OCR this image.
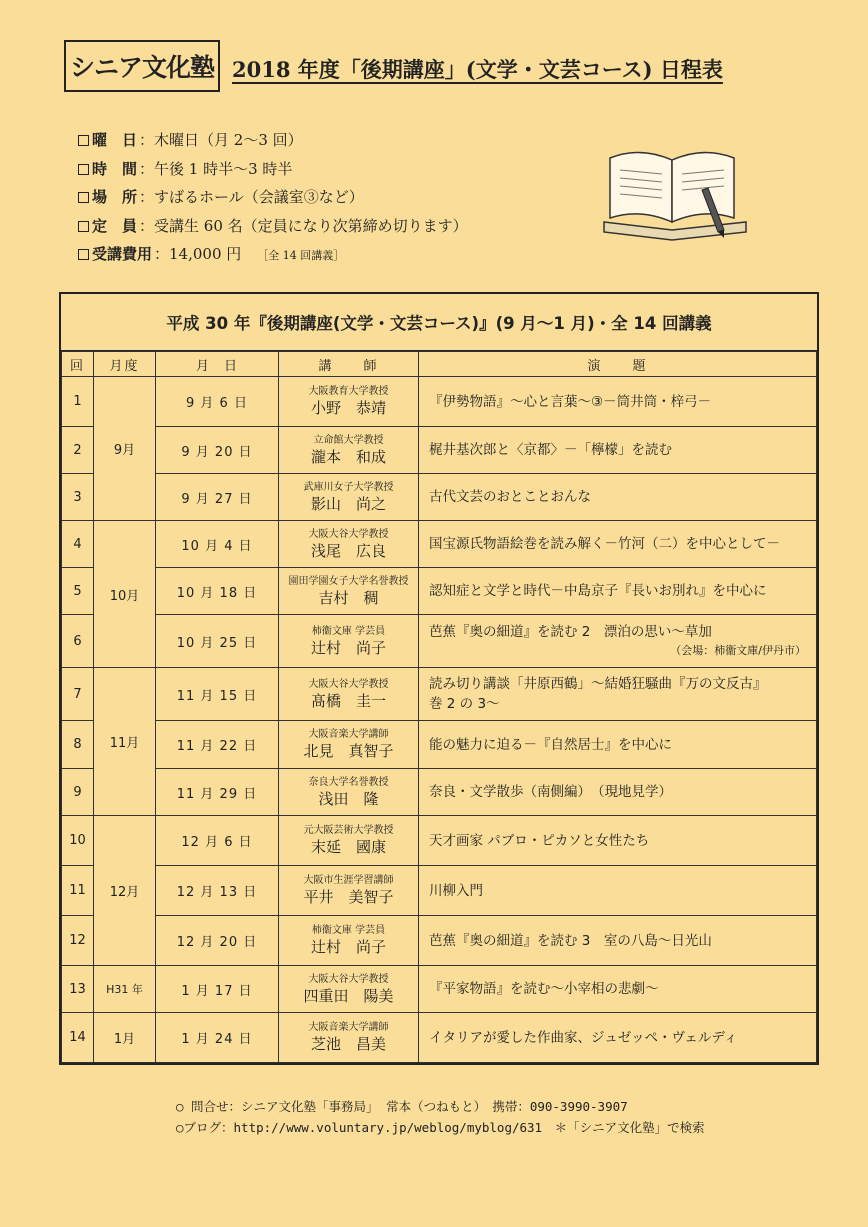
シニア文化塾 2018 年度「後期講座」(文学・文芸コース) 日程表
曜　日 ：木曜日（月 2～3 回）
時　間 ：午後 1 時半～3 時半
場　所 ：すばるホール（会議室③など）
定　員 ：受講生 60 名（定員になり次第締め切ります）
受講費用 ：14,000 円 ［全 14 回講義］
平成 30 年『後期講座(文学・文芸コース)』(9 月～1 月)・全 14 回講義
回	月度	月　日	講　　師	演　　題
1	9月	9 月 6 日	大阪教育大学教授
小野　恭靖	『伊勢物語』～心と言葉～③－筒井筒・梓弓－

2		9 月 20 日	立命館大学教授
瀧本　和成	梶井基次郎と〈京都〉－「檸檬」を読む

3		9 月 27 日	武庫川女子大学教授
影山　尚之	古代文芸のおとことおんな

4	10月	10 月 4 日	大阪大谷大学教授
浅尾　広良	国宝源氏物語絵巻を読み解く－竹河（二）を中心として－

5		10 月 18 日	園田学園女子大学名誉教授
吉村　稠	認知症と文学と時代－中島京子『長いお別れ』を中心に

6		10 月 25 日	柿衞文庫 学芸員
辻村　尚子	芭蕉『奥の細道』を読む 2　漂泊の思い～草加
（会場：柿衞文庫/伊丹市）

7	11月	11 月 15 日	大阪大谷大学教授
髙橋　圭一	読み切り講談「井原西鶴」～結婚狂騒曲『万の文反古』
巻 2 の 3～

8		11 月 22 日	大阪音楽大学講師
北見　真智子	能の魅力に迫る－『自然居士』を中心に

9		11 月 29 日	奈良大学名誉教授
浅田　隆	奈良・文学散歩（南側編）　（現地見学）

10	12月	12 月 6 日	元大阪芸術大学教授
末延　國康	天才画家 パブロ・ピカソと女性たち

11		12 月 13 日	大阪市生涯学習講師
平井　美智子	川柳入門

12		12 月 20 日	柿衞文庫 学芸員
辻村　尚子	芭蕉『奥の細道』を読む 3　室の八島～日光山

13	H31 年	1 月 17 日	大阪大谷大学教授
四重田　陽美	『平家物語』を読む～小宰相の悲劇～

14	1月	1 月 24 日	大阪音楽大学講師
芝池　昌美	イタリアが愛した作曲家、ジュゼッペ・ヴェルディ
○ 問合せ：シニア文化塾「事務局」 常本（つねもと）　携帯：090-3990-3907
○ブログ：http://www.voluntary.jp/weblog/myblog/631　＊「シニア文化塾」で検索
